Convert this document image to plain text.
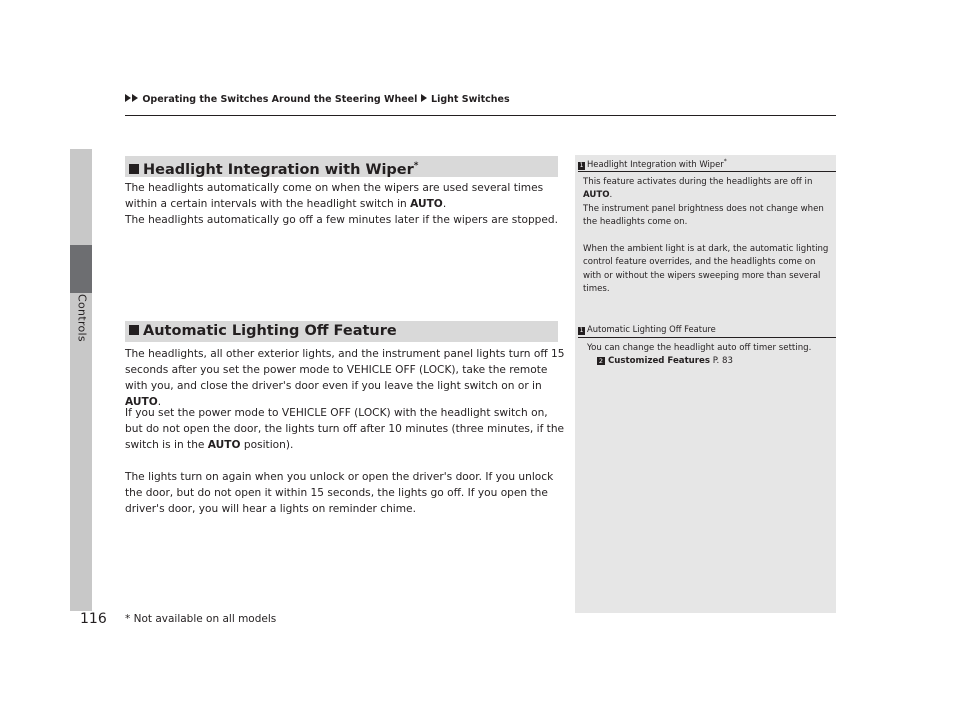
Controls
116
Operating the Switches Around the Steering Wheel Light Switches
Headlight Integration with Wiper*

The headlights automatically come on when the wipers are used several times within a certain intervals with the headlight switch in AUTO.
The headlights automatically go off a few minutes later if the wipers are stopped.

Automatic Lighting Off Feature

The headlights, all other exterior lights, and the instrument panel lights turn off 15 seconds after you set the power mode to VEHICLE OFF (LOCK), take the remote with you, and close the driver's door even if you leave the light switch on or in AUTO.

If you set the power mode to VEHICLE OFF (LOCK) with the headlight switch on, but do not open the door, the lights turn off after 10 minutes (three minutes, if the switch is in the AUTO position).

The lights turn on again when you unlock or open the driver's door. If you unlock the door, but do not open it within 15 seconds, the lights go off. If you open the driver's door, you will hear a lights on reminder chime.

1 Headlight Integration with Wiper*

This feature activates during the headlights are off in AUTO.
The instrument panel brightness does not change when the headlights come on.

When the ambient light is at dark, the automatic lighting control feature overrides, and the headlights come on with or without the wipers sweeping more than several times.

1 Automatic Lighting Off Feature

You can change the headlight auto off timer setting.
2 Customized Features P. 83

* Not available on all models
